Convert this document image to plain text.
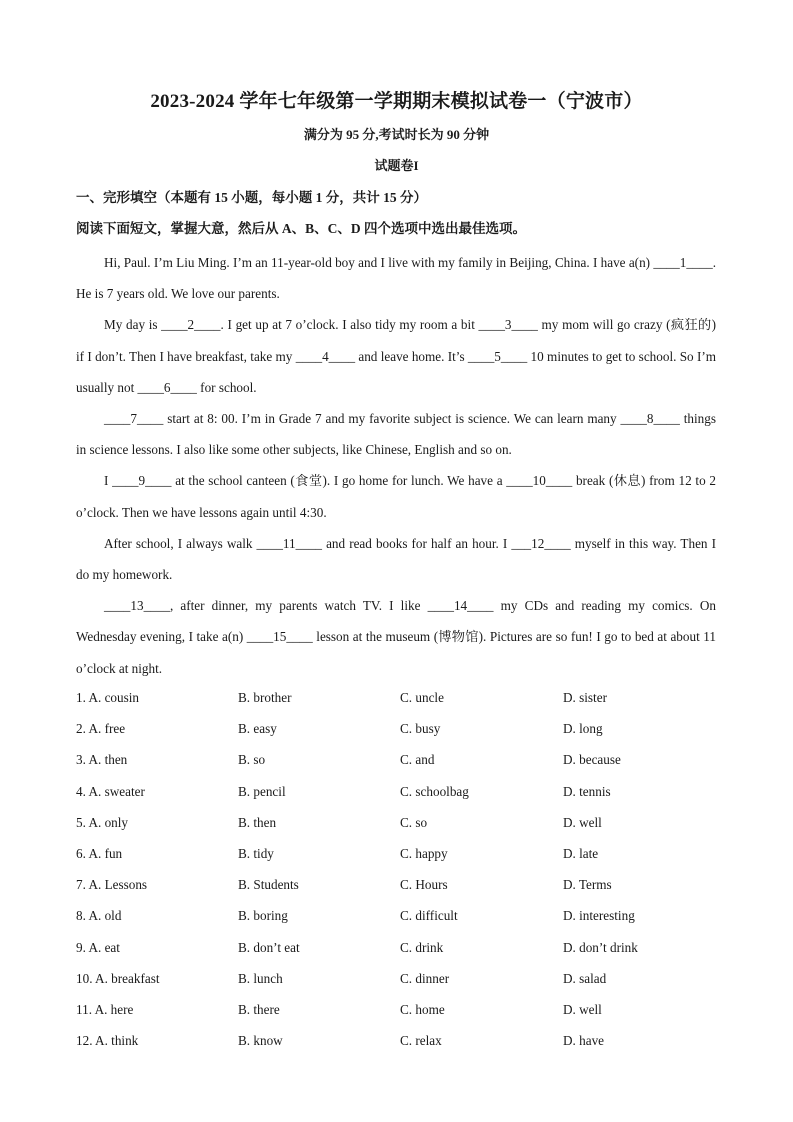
2023-2024 学年七年级第一学期期末模拟试卷一（宁波市）
满分为 95 分,考试时长为 90 分钟
试题卷I
一、完形填空（本题有 15 小题，每小题 1 分，共计 15 分）
阅读下面短文，掌握大意，然后从 A、B、C、D 四个选项中选出最佳选项。

Hi, Paul. I’m Liu Ming. I’m an 11-year-old boy and I live with my family in Beijing, China. I have a(n) ____1____. He is 7 years old. We love our parents.

My day is ____2____. I get up at 7 o’clock. I also tidy my room a bit ____3____ my mom will go crazy (疯狂的) if I don’t. Then I have breakfast, take my ____4____ and leave home. It’s ____5____ 10 minutes to get to school. So I’m usually not ____6____ for school.

____7____ start at 8: 00. I’m in Grade 7 and my favorite subject is science. We can learn many ____8____ things in science lessons. I also like some other subjects, like Chinese, English and so on.

I ____9____ at the school canteen (食堂). I go home for lunch. We have a ____10____ break (休息) from 12 to 2 o’clock. Then we have lessons again until 4:30.

After school, I always walk ____11____ and read books for half an hour. I ___12____ myself in this way. Then I do my homework.

____13____, after dinner, my parents watch TV. I like ____14____ my CDs and reading my comics. On Wednesday evening, I take a(n) ____15____ lesson at the museum (博物馆). Pictures are so fun! I go to bed at about 11 o’clock at night.

1. A. cousin	B. brother	C. uncle	D. sister
2. A. free	B. easy	C. busy	D. long
3. A. then	B. so	C. and	D. because
4. A. sweater	B. pencil	C. schoolbag	D. tennis
5. A. only	B. then	C. so	D. well
6. A. fun	B. tidy	C. happy	D. late
7. A. Lessons	B. Students	C. Hours	D. Terms
8. A. old	B. boring	C. difficult	D. interesting
9. A. eat	B. don’t eat	C. drink	D. don’t drink
10. A. breakfast	B. lunch	C. dinner	D. salad
11. A. here	B. there	C. home	D. well
12. A. think	B. know	C. relax	D. have
